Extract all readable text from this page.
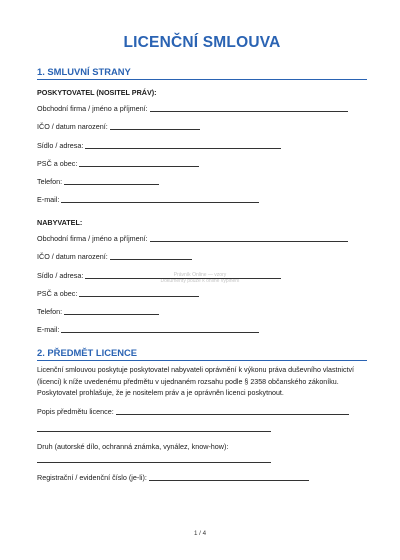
Právník Online — vzory
Dokumenty pouze k online vyplnění
LICENČNÍ SMLOUVA
1. SMLUVNÍ STRANY
POSKYTOVATEL (NOSITEL PRÁV):
Obchodní firma / jméno a příjmení:
IČO / datum narození:
Sídlo / adresa:
PSČ a obec:
Telefon:
E-mail:
NABYVATEL:
Obchodní firma / jméno a příjmení:
IČO / datum narození:
Sídlo / adresa:
PSČ a obec:
Telefon:
E-mail:
2. PŘEDMĚT LICENCE

Licenční smlouvou poskytuje poskytovatel nabyvateli oprávnění k výkonu práva duševního vlastnictví (licenci) k níže uvedenému předmětu v ujednaném rozsahu podle § 2358 občanského zákoníku. Poskytovatel prohlašuje, že je nositelem práv a je oprávněn licenci poskytnout.

Popis předmětu licence:
Druh (autorské dílo, ochranná známka, vynález, know-how):
Registrační / evidenční číslo (je-li):
1 / 4
